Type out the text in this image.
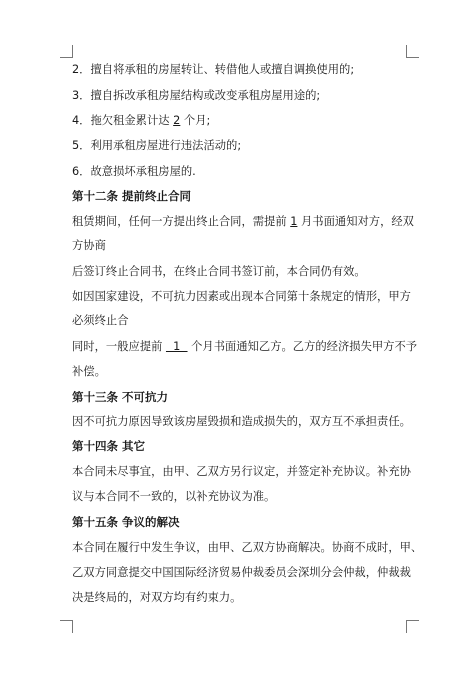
2．擅自将承租的房屋转让、转借他人或擅自调换使用的;
3．擅自拆改承租房屋结构或改变承租房屋用途的;
4．拖欠租金累计达 2 个月;
5．利用承租房屋进行违法活动的;
6．故意损坏承租房屋的.
第十二条 提前终止合同
租赁期间，任何一方提出终止合同，需提前 1 月书面通知对方，经双
方协商
后签订终止合同书，在终止合同书签订前，本合同仍有效。
如因国家建设，不可抗力因素或出现本合同第十条规定的情形，甲方
必须终止合
同时，一般应提前   1   个月书面通知乙方。乙方的经济损失甲方不予
补偿。
第十三条 不可抗力
因不可抗力原因导致该房屋毁损和造成损失的，双方互不承担责任。
第十四条 其它
本合同未尽事宜，由甲、乙双方另行议定，并签定补充协议。补充协
议与本合同不一致的，以补充协议为准。
第十五条 争议的解决
本合同在履行中发生争议，由甲、乙双方协商解决。协商不成时，甲、
乙双方同意提交中国国际经济贸易仲裁委员会深圳分会仲裁，仲裁裁
决是终局的，对双方均有约束力。
